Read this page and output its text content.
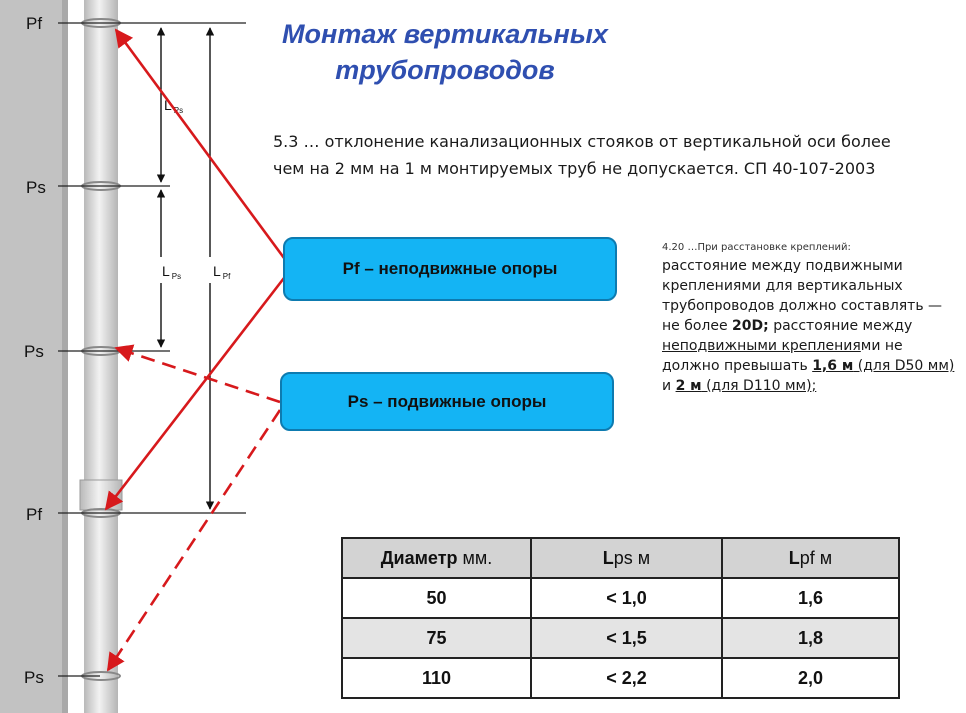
Pf
Ps
Ps
Pf
Ps
L $_{Ps}$
L $_{Ps}$ L $_{Pf}$
Монтаж вертикальных
трубопроводов
5.3 … отклонение канализационных стояков от вертикальной оси более
чем на 2 мм на 1 м монтируемых труб не допускается. СП 40-107-2003
Pf – неподвижные опоры
Ps – подвижные опоры
4.20 …При расстановке креплений:
расстояние между подвижными креплениями для вертикальных трубопроводов должно составлять — не более 20D; расстояние между неподвижными креплениями не должно превышать 1,6 м (для D50 мм) и 2 м (для D110 мм);
Диаметр мм.	Lps м	Lpf м
50	< 1,0	1,6
75	< 1,5	1,8
110	< 2,2	2,0
